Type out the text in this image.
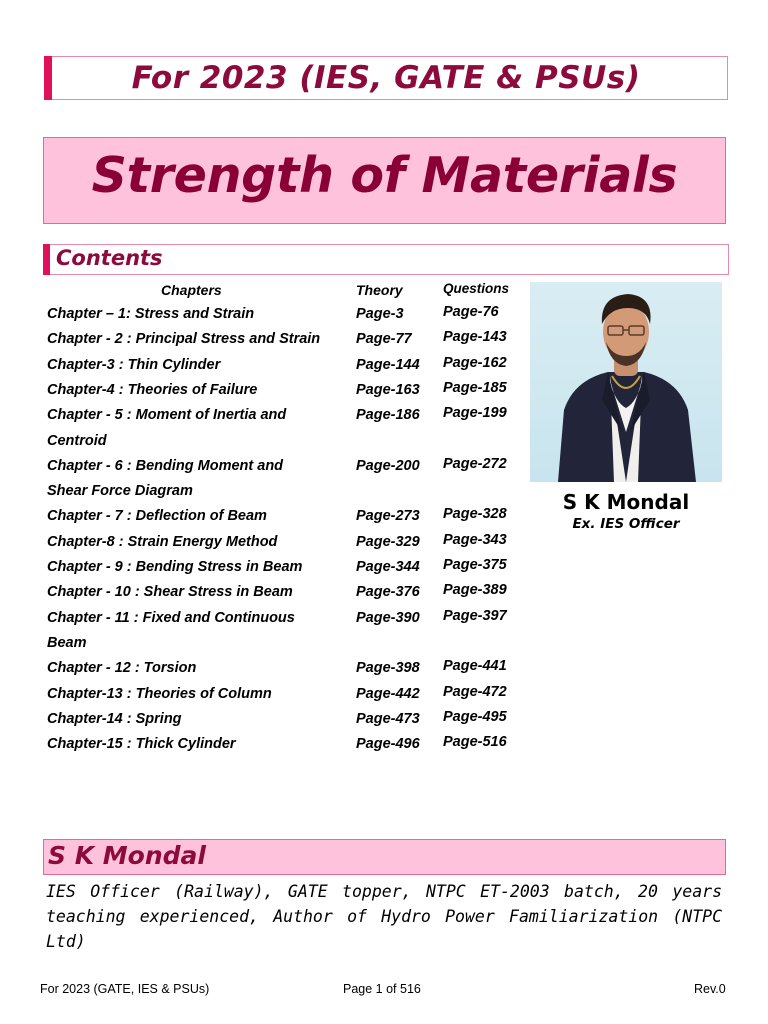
For 2023 (IES, GATE & PSUs)
Strength of Materials
Contents
Chapters	Theory	Questions
Chapter – 1: Stress and Strain	Page-3	Page-76
Chapter - 2 : Principal Stress and Strain Page-77 Page-143
Chapter-3 : Thin Cylinder	Page-144 Page-162
Chapter-4 : Theories of Failure	Page-163 Page-185
Chapter - 5 : Moment of Inertia and
Centroid
Page-186 Page-199
Chapter - 6 : Bending Moment and
Shear Force Diagram
Page-200 Page-272
Chapter - 7 : Deflection of Beam	Page-273 Page-328
Chapter-8 : Strain Energy Method	Page-329 Page-343
Chapter - 9 : Bending Stress in Beam	Page-344 Page-375
Chapter - 10 : Shear Stress in Beam	Page-376 Page-389
Chapter - 11 : Fixed and Continuous
Beam
Page-390 Page-397
Chapter - 12 : Torsion	Page-398 Page-441
Chapter-13 : Theories of Column	Page-442 Page-472
Chapter-14 : Spring	Page-473 Page-495
Chapter-15 : Thick Cylinder	Page-496 Page-516
S K Mondal
Ex. IES Officer
S K Mondal
IES Officer (Railway), GATE topper, NTPC ET-2003 batch, 20 years teaching experienced, Author of Hydro Power Familiarization (NTPC Ltd)
For 2023 (GATE, IES & PSUs)	Page 1 of 516	Rev.0
